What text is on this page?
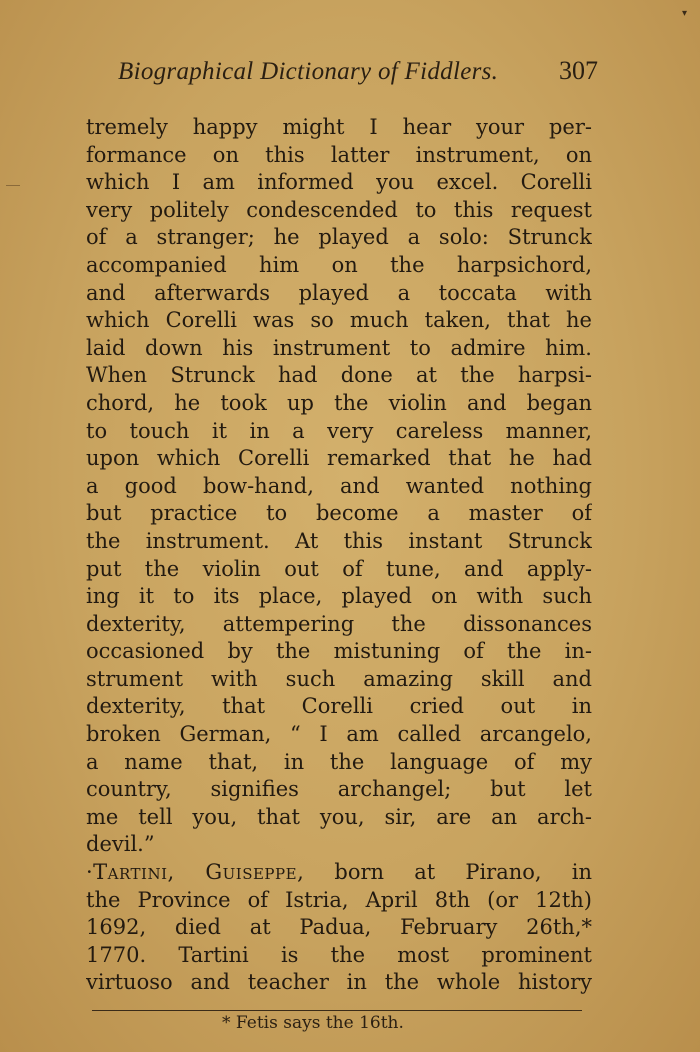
▾
Biographical Dictionary of Fiddlers. 307
tremely happy might I hear your per-
formance on this latter instrument, on
which I am informed you excel. Corelli
very politely condescended to this request
of a stranger; he played a solo: Strunck
accompanied him on the harpsichord,
and afterwards played a toccata with
which Corelli was so much taken, that he
laid down his instrument to admire him.
When Strunck had done at the harpsi-
chord, he took up the violin and began
to touch it in a very careless manner,
upon which Corelli remarked that he had
a good bow-hand, and wanted nothing
but practice to become a master of
the instrument. At this instant Strunck
put the violin out of tune, and apply-
ing it to its place, played on with such
dexterity, attempering the dissonances
occasioned by the mistuning of the in-
strument with such amazing skill and
dexterity, that Corelli cried out in
broken German, “ I am called arcangelo,
a name that, in the language of my
country, signifies archangel; but let
me tell you, that you, sir, are an arch-
devil.”
·Tartini, Guiseppe, born at Pirano, in
the Province of Istria, April 8th (or 12th)
1692, died at Padua, February 26th,*
1770. Tartini is the most prominent
virtuoso and teacher in the whole history
* Fetis says the 16th.
